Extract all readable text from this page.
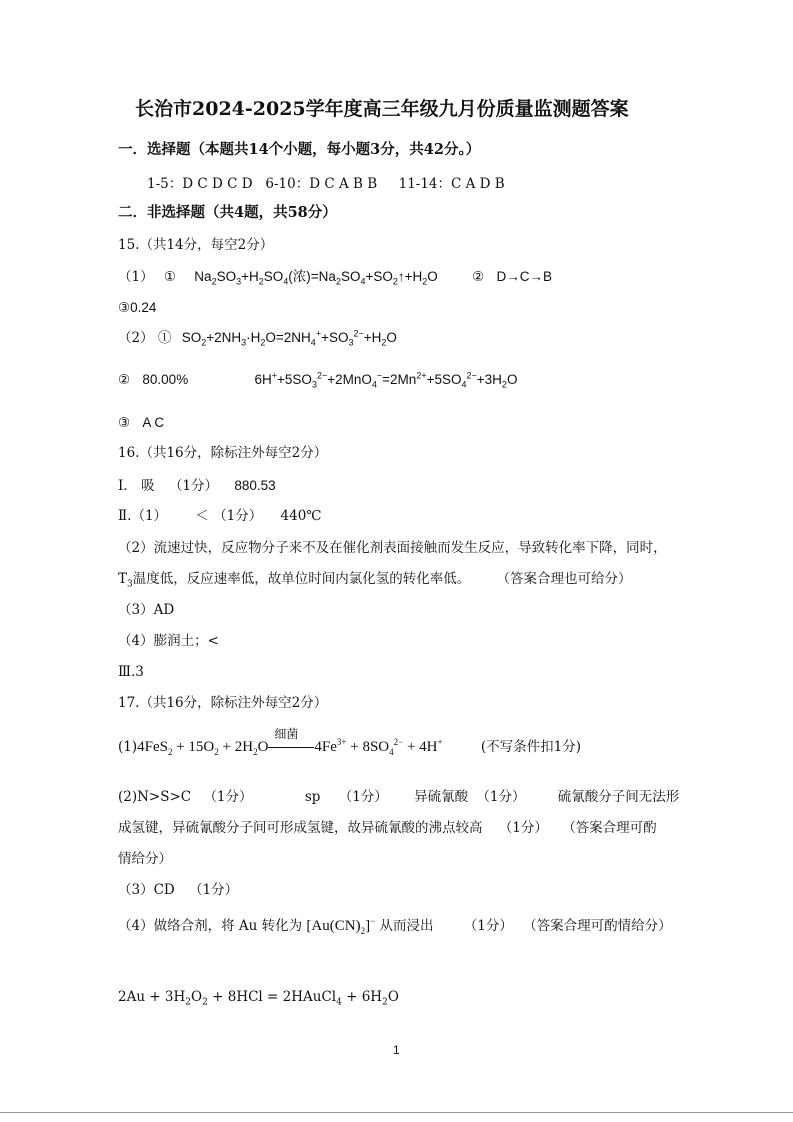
长治市2024-2025学年度高三年级九月份质量监测题答案
一．选择题（本题共14个小题，每小题3分，共42分。）
1-5：D C D C D   6-10：D C A B B     11-14：C A D B
二．非选择题（共4题，共58分）
15.（共14分，每空2分）
（1） ① $Na_2SO_3+H_2SO_4$(浓)$=Na_2SO_4+SO_2↑+H_2O$	② D→C→B
③0.24
（2） ① $SO_2+2NH_3\cdot H_2O=2NH_4^++SO_3^{2-}+H_2O$
② 80.00%	$6H^++5SO_3^{2-}+2MnO_4^-=2Mn^{2+}+5SO_4^{2-}+3H_2O$
③ A C
16.（共16分，除标注外每空2分）
Ⅰ． 吸 （1分） 880.53
Ⅱ.（1） ＜ （1分） 440℃
（2）流速过快，反应物分子来不及在催化剂表面接触而发生反应，导致转化率下降，同时，
$T_3$温度低，反应速率低，故单位时间内氯化氢的转化率低。 （答案合理也可给分）
（3）AD
（4）膨润土；<
Ⅲ.3
17.（共16分，除标注外每空2分）
$(1)4FeS_2 + 15O_2 + 2H_2O$
细菌
$4Fe^{3+} + 8SO_4^{2-} + 4H^+$	(不写条件扣1分)
(2)N>S>C （1分）	sp （1分） 异硫氰酸 （1分） 硫氰酸分子间无法形
成氢键，异硫氰酸分子间可形成氢键，故异硫氰酸的沸点较高 （1分） （答案合理可酌
情给分）
（3）CD （1分）
（4）做络合剂，将 Au 转化为 $[Au(CN)_2]^-$ 从而浸出 （1分） （答案合理可酌情给分）
$2Au + 3H_2O_2 + 8HCl$ = 2HAuCl$_4$ + $6H_2O$
1
